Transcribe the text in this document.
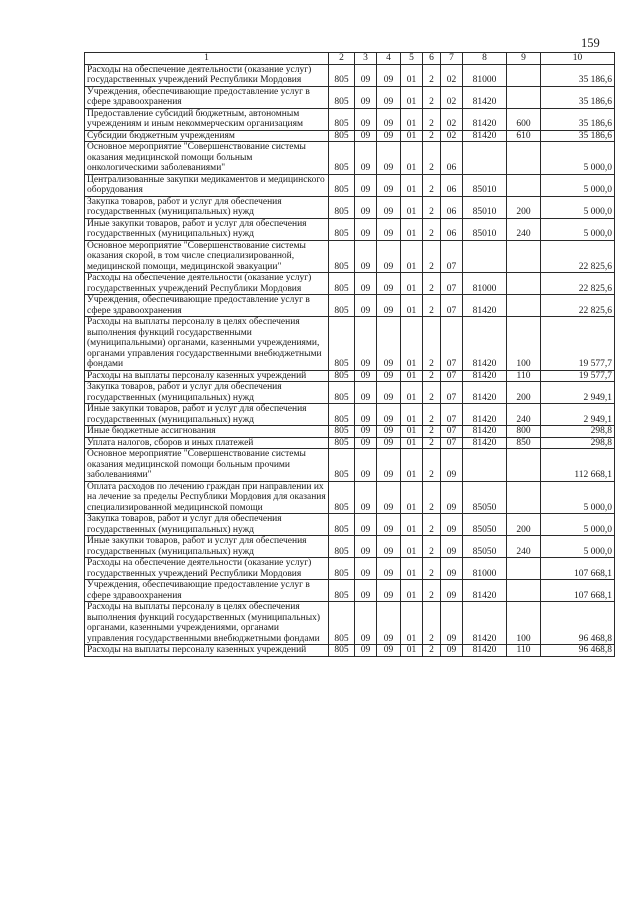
159
1	2	3	4	5	6	7	8	9	10
Расходы на обеспечение деятельности (оказание услуг) государственных учреждений Республики Мордовия	805	09	09	01	2	02	81000		35 186,6
Учреждения, обеспечивающие предоставление услуг в сфере здравоохранения	805	09	09	01	2	02	81420		35 186,6
Предоставление субсидий бюджетным, автономным учреждениям и иным некоммерческим организациям	805	09	09	01	2	02	81420	600	35 186,6
Субсидии бюджетным учреждениям	805	09	09	01	2	02	81420	610	35 186,6
Основное мероприятие "Совершенствование системы оказания медицинской помощи больным онкологическими заболеваниями"	805	09	09	01	2	06			5 000,0
Централизованные закупки медикаментов и медицинского оборудования	805	09	09	01	2	06	85010		5 000,0
Закупка товаров, работ и услуг для обеспечения государственных (муниципальных) нужд	805	09	09	01	2	06	85010	200	5 000,0
Иные закупки товаров, работ и услуг для обеспечения государственных (муниципальных) нужд	805	09	09	01	2	06	85010	240	5 000,0
Основное мероприятие "Совершенствование системы оказания скорой, в том числе специализированной, медицинской помощи, медицинской эвакуации"	805	09	09	01	2	07			22 825,6
Расходы на обеспечение деятельности (оказание услуг) государственных учреждений Республики Мордовия	805	09	09	01	2	07	81000		22 825,6
Учреждения, обеспечивающие предоставление услуг в сфере здравоохранения	805	09	09	01	2	07	81420		22 825,6
Расходы на выплаты персоналу в целях обеспечения выполнения функций государственными (муниципальными) органами, казенными учреждениями, органами управления государственными внебюджетными фондами	805	09	09	01	2	07	81420	100	19 577,7
Расходы на выплаты персоналу казенных учреждений	805	09	09	01	2	07	81420	110	19 577,7
Закупка товаров, работ и услуг для обеспечения государственных (муниципальных) нужд	805	09	09	01	2	07	81420	200	2 949,1
Иные закупки товаров, работ и услуг для обеспечения государственных (муниципальных) нужд	805	09	09	01	2	07	81420	240	2 949,1
Иные бюджетные ассигнования	805	09	09	01	2	07	81420	800	298,8
Уплата налогов, сборов и иных платежей	805	09	09	01	2	07	81420	850	298,8
Основное мероприятие "Совершенствование системы оказания медицинской помощи больным прочими заболеваниями"	805	09	09	01	2	09			112 668,1
Оплата расходов по лечению граждан при направлении их на лечение за пределы Республики Мордовия для оказания специализированной медицинской помощи	805	09	09	01	2	09	85050		5 000,0
Закупка товаров, работ и услуг для обеспечения государственных (муниципальных) нужд	805	09	09	01	2	09	85050	200	5 000,0
Иные закупки товаров, работ и услуг для обеспечения государственных (муниципальных) нужд	805	09	09	01	2	09	85050	240	5 000,0
Расходы на обеспечение деятельности (оказание услуг) государственных учреждений Республики Мордовия	805	09	09	01	2	09	81000		107 668,1
Учреждения, обеспечивающие предоставление услуг в сфере здравоохранения	805	09	09	01	2	09	81420		107 668,1
Расходы на выплаты персоналу в целях обеспечения выполнения функций государственных (муниципальных) органами, казенными учреждениями, органами управления государственными внебюджетными фондами	805	09	09	01	2	09	81420	100	96 468,8
Расходы на выплаты персоналу казенных учреждений	805	09	09	01	2	09	81420	110	96 468,8
